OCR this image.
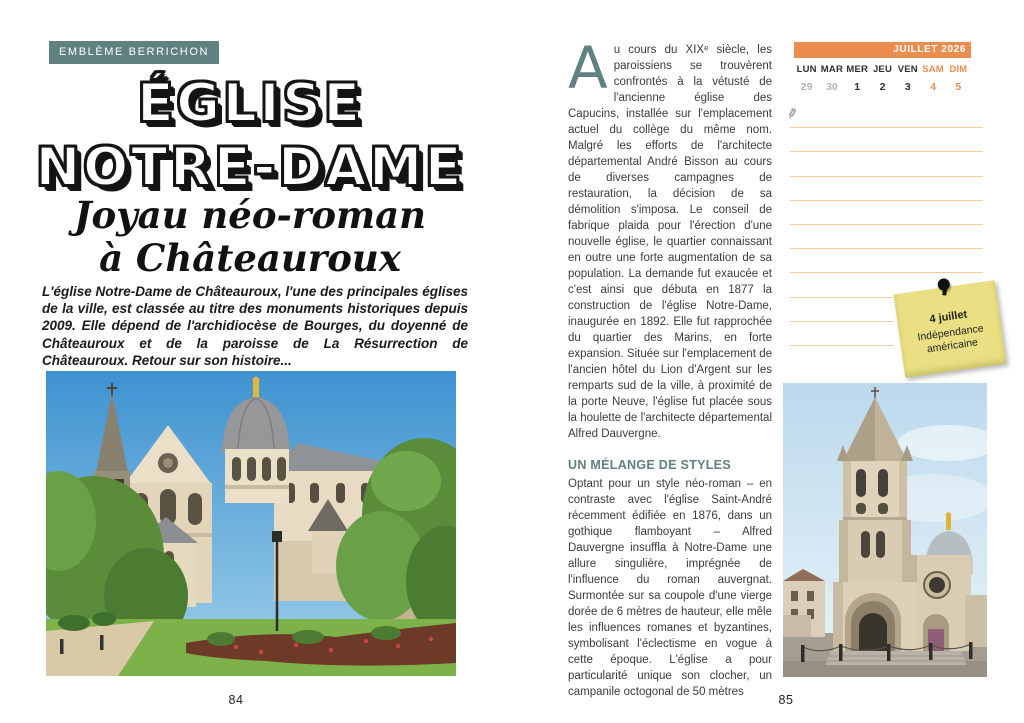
EMBLÈME BERRICHON
ÉGLISE
NOTRE-DAME
Joyau néo-roman
à Châteauroux

L'église Notre-Dame de Châteauroux, l'une des principales églises de la ville, est classée au titre des monuments historiques depuis 2009. Elle dépend de l'archidiocèse de Bourges, du doyenné de Châteauroux et de la paroisse de La Résurrection de Châteauroux. Retour sur son histoire...

84

Au cours du XIXᵉ siècle, les paroissiens se trouvèrent confrontés à la vétusté de l'ancienne église des Capucins, installée sur l'emplacement actuel du collège du même nom. Malgré les efforts de l'architecte départemental André Bisson au cours de diverses campagnes de restauration, la décision de sa démolition s'imposa. Le conseil de fabrique plaida pour l'érection d'une nouvelle église, le quartier connaissant en outre une forte augmentation de sa population. La demande fut exaucée et c'est ainsi que débuta en 1877 la construction de l'église Notre-Dame, inaugurée en 1892. Elle fut rapprochée du quartier des Marins, en forte expansion. Située sur l'emplacement de l'ancien hôtel du Lion d'Argent sur les remparts sud de la ville, à proximité de la porte Neuve, l'église fut placée sous la houlette de l'architecte départemental Alfred Dauvergne.

UN MÉLANGE DE STYLES

Optant pour un style néo-roman – en contraste avec l'église Saint-André récemment édifiée en 1876, dans un gothique flamboyant – Alfred Dauvergne insuffla à Notre-Dame une allure singulière, imprégnée de l'influence du roman auvergnat. Surmontée sur sa coupole d'une vierge dorée de 6 mètres de hauteur, elle mêle les influences romanes et byzantines, symbolisant l'éclectisme en vogue à cette époque. L'église a pour particularité unique son clocher, un campanile octogonal de 50 mètres

JUILLET 2026
LUN MAR MER JEU VEN SAM DIM
29	30	1	2	3	4	5
✎
4 juillet
Indépendance américaine
85
